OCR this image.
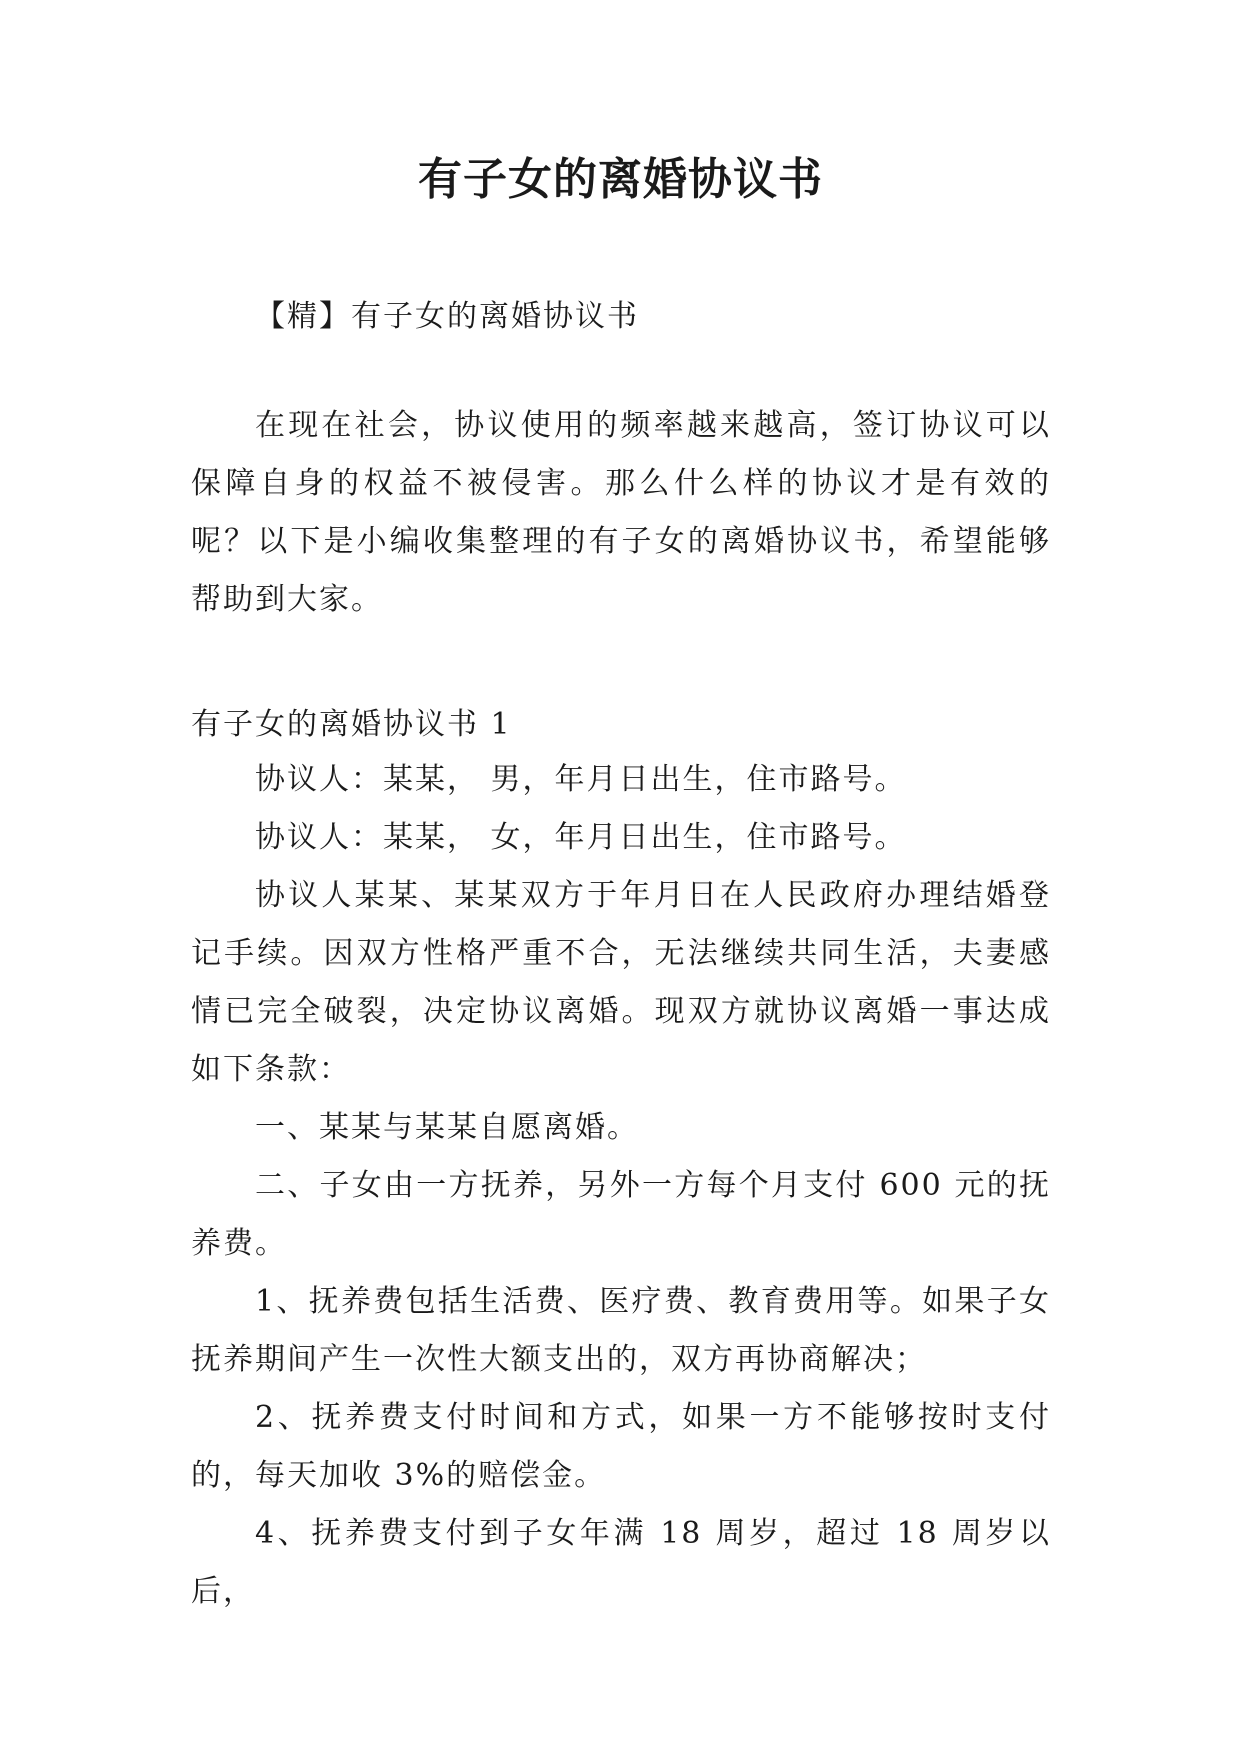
有子女的离婚协议书

【精】有子女的离婚协议书

在现在社会，协议使用的频率越来越高，签订协议可以保障自身的权益不被侵害。那么什么样的协议才是有效的呢？以下是小编收集整理的有子女的离婚协议书，希望能够帮助到大家。

有子女的离婚协议书 1

协议人：某某， 男，年月日出生，住市路号。

协议人：某某， 女，年月日出生，住市路号。

协议人某某、某某双方于年月日在人民政府办理结婚登记手续。因双方性格严重不合，无法继续共同生活，夫妻感情已完全破裂，决定协议离婚。现双方就协议离婚一事达成如下条款：

一、某某与某某自愿离婚。

二、子女由一方抚养，另外一方每个月支付 600 元的抚养费。

1、抚养费包括生活费、医疗费、教育费用等。如果子女抚养期间产生一次性大额支出的，双方再协商解决；

2、抚养费支付时间和方式，如果一方不能够按时支付的，每天加收 3%的赔偿金。

4、抚养费支付到子女年满 18 周岁，超过 18 周岁以后，
